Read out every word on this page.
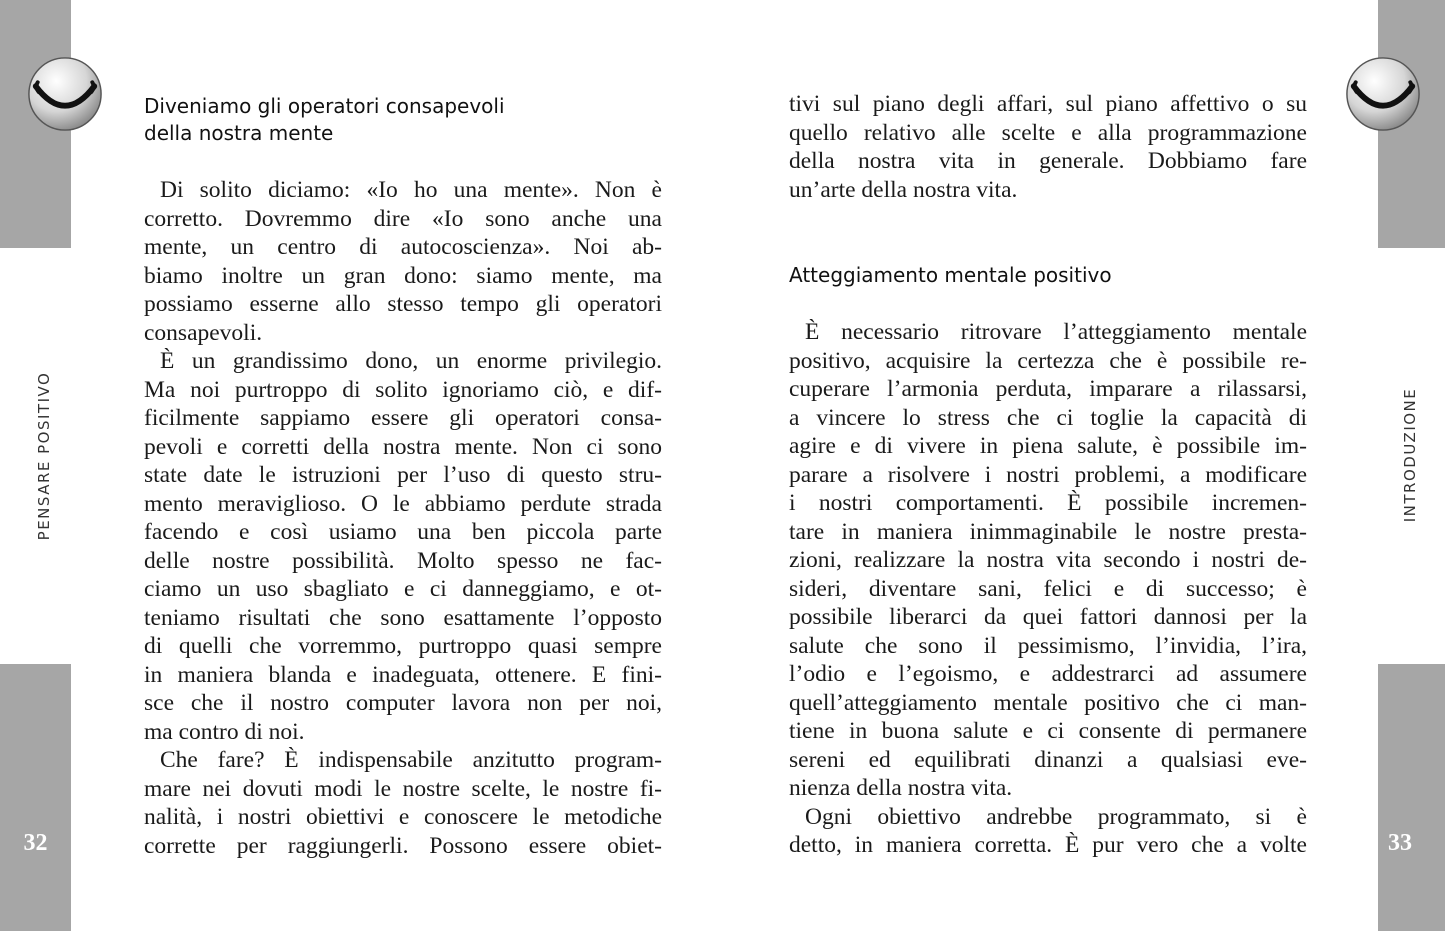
PENSARE POSITIVO	INTRODUZIONE
32	33
Diveniamo gli operatori consapevoli
della nostra mente

Di solito diciamo: «Io ho una mente». Non è

corretto. Dovremmo dire «Io sono anche una

mente, un centro di autocoscienza». Noi ab-

biamo inoltre un gran dono: siamo mente, ma

possiamo esserne allo stesso tempo gli operatori

consapevoli.

È un grandissimo dono, un enorme privilegio.

Ma noi purtroppo di solito ignoriamo ciò, e dif-

ficilmente sappiamo essere gli operatori consa-

pevoli e corretti della nostra mente. Non ci sono

state date le istruzioni per l’uso di questo stru-

mento meraviglioso. O le abbiamo perdute strada

facendo e così usiamo una ben piccola parte

delle nostre possibilità. Molto spesso ne fac-

ciamo un uso sbagliato e ci danneggiamo, e ot-

teniamo risultati che sono esattamente l’opposto

di quelli che vorremmo, purtroppo quasi sempre

in maniera blanda e inadeguata, ottenere. E fini-

sce che il nostro computer lavora non per noi,

ma contro di noi.

Che fare? È indispensabile anzitutto program-

mare nei dovuti modi le nostre scelte, le nostre fi-

nalità, i nostri obiettivi e conoscere le metodiche

corrette per raggiungerli. Possono essere obiet-

tivi sul piano degli affari, sul piano affettivo o su

quello relativo alle scelte e alla programmazione

della nostra vita in generale. Dobbiamo fare

un’arte della nostra vita.

Atteggiamento mentale positivo

È necessario ritrovare l’atteggiamento mentale

positivo, acquisire la certezza che è possibile re-

cuperare l’armonia perduta, imparare a rilassarsi,

a vincere lo stress che ci toglie la capacità di

agire e di vivere in piena salute, è possibile im-

parare a risolvere i nostri problemi, a modificare

i nostri comportamenti. È possibile incremen-

tare in maniera inimmaginabile le nostre presta-

zioni, realizzare la nostra vita secondo i nostri de-

sideri, diventare sani, felici e di successo; è

possibile liberarci da quei fattori dannosi per la

salute che sono il pessimismo, l’invidia, l’ira,

l’odio e l’egoismo, e addestrarci ad assumere

quell’atteggiamento mentale positivo che ci man-

tiene in buona salute e ci consente di permanere

sereni ed equilibrati dinanzi a qualsiasi eve-

nienza della nostra vita.

Ogni obiettivo andrebbe programmato, si è

detto, in maniera corretta. È pur vero che a volte
